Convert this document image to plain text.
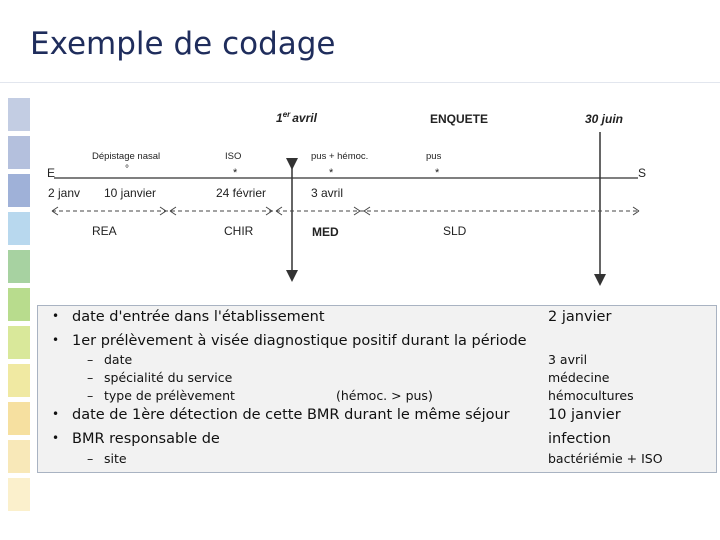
Exemple de codage
1er avril	ENQUETE	30 juin
Dépistage nasal	ISO	pus + hémoc.	pus
°	*	*	*
E	S
2 janv 10 janvier	24 février	3 avril
REA	CHIR	MED	SLD
• date d'entrée dans l'établissement	2 janvier
• 1er prélèvement à visée diagnostique positif durant la période
– date	3 avril
– spécialité du service	médecine
– type de prélèvement	(hémoc. > pus)	hémocultures
• date de 1ère détection de cette BMR durant le même séjour	10 janvier
• BMR responsable de	infection
– site	bactériémie + ISO
